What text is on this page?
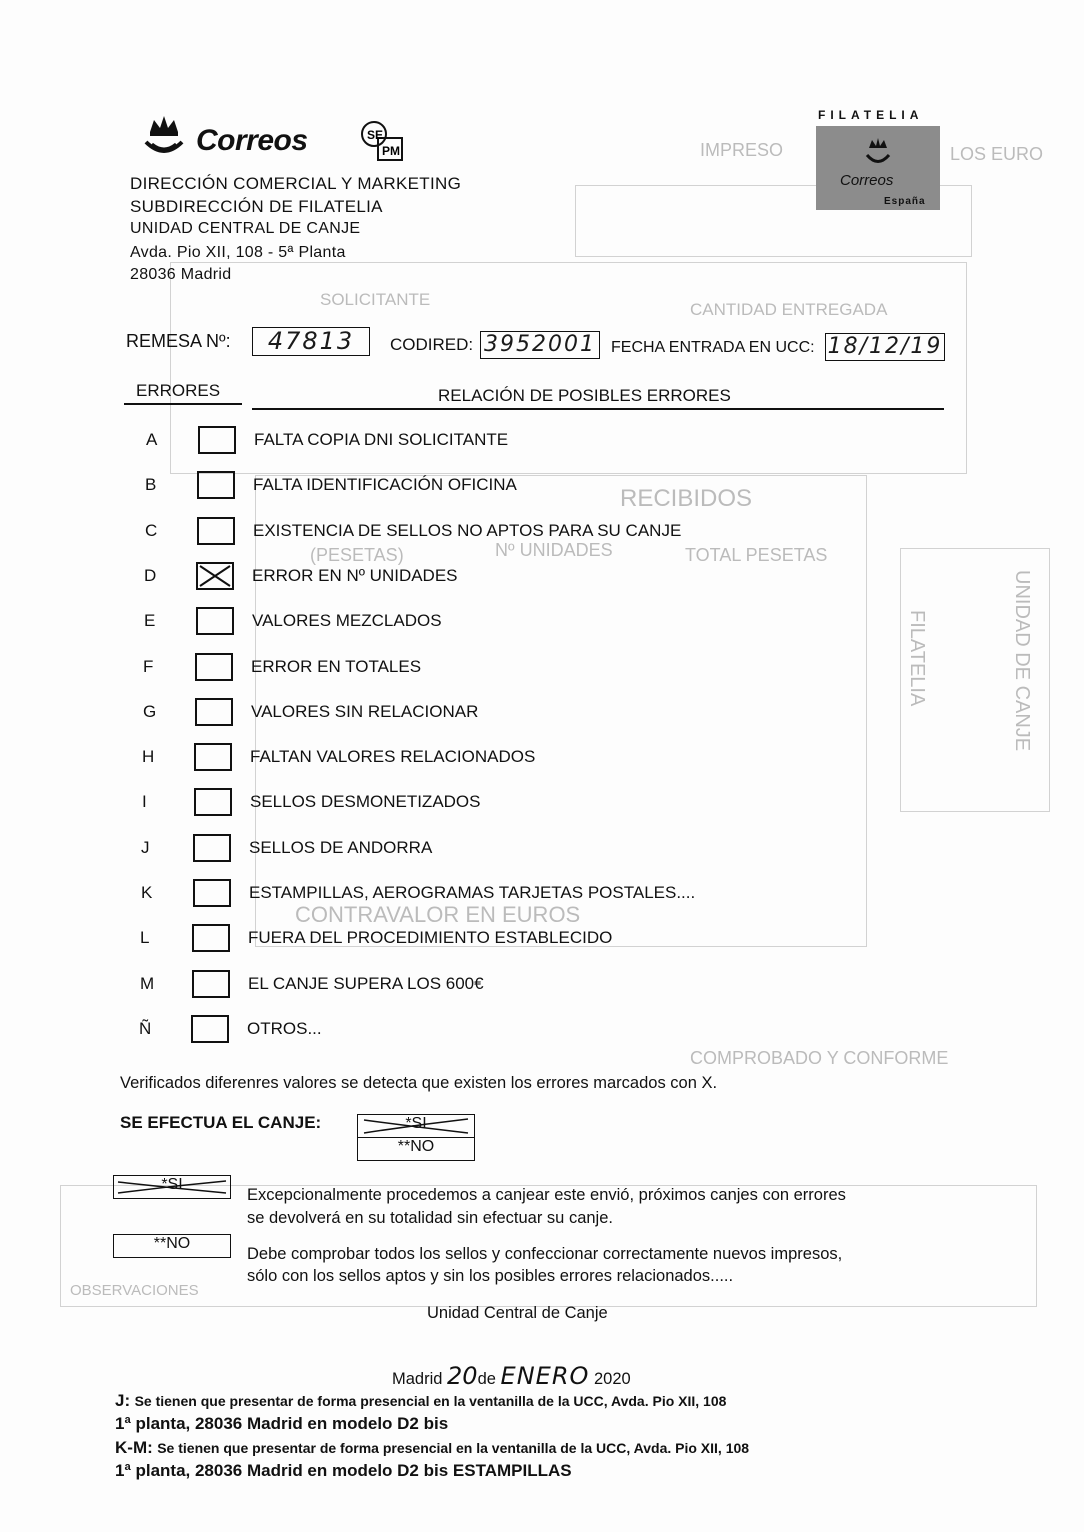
IMPRESO	LOS EURO
SOLICITANTE
CANTIDAD ENTREGADA
RECIBIDOS
(PESETAS)	Nº UNIDADES	TOTAL PESETAS
CONTRAVALOR EN EUROS
COMPROBADO Y CONFORME
OBSERVACIONES
FILATELIA	UNIDAD DE CANJE
Correos	SE
PM
DIRECCIÓN COMERCIAL Y MARKETING
SUBDIRECCIÓN DE FILATELIA
UNIDAD CENTRAL DE CANJE
Avda. Pio XII, 108 - 5ª Planta
28036 Madrid
FILATELIA
Correos
España
REMESA Nº:	47813	CODIRED: 3952001 FECHA ENTRADA EN UCC: 18/12/19
ERRORES	RELACIÓN DE POSIBLES ERRORES
A	FALTA COPIA DNI SOLICITANTE
B	FALTA IDENTIFICACIÓN OFICINA
C	EXISTENCIA DE SELLOS NO APTOS PARA SU CANJE
D	ERROR EN Nº UNIDADES
E	VALORES MEZCLADOS
F	ERROR EN TOTALES
G	VALORES SIN RELACIONAR
H	FALTAN VALORES RELACIONADOS
I	SELLOS DESMONETIZADOS
J	SELLOS DE ANDORRA
K	ESTAMPILLAS, AEROGRAMAS TARJETAS POSTALES....
L	FUERA DEL PROCEDIMIENTO ESTABLECIDO
M	EL CANJE SUPERA LOS 600€
Ñ	OTROS...
Verificados diferenres valores se detecta que existen los errores marcados con X.
SE EFECTUA EL CANJE:	*SI
**NO
*SI
Excepcionalmente procedemos a canjear este envió, próximos canjes con errores
se devolverá en su totalidad sin efectuar su canje.
**NO
Debe comprobar todos los sellos y confeccionar correctamente nuevos impresos,
sólo con los sellos aptos y sin los posibles errores relacionados.....
Unidad Central de Canje
Madrid 20de ENERO 2020
J: Se tienen que presentar de forma presencial en la ventanilla de la UCC, Avda. Pio XII, 108
1ª planta, 28036 Madrid en modelo D2 bis
K-M: Se tienen que presentar de forma presencial en la ventanilla de la UCC, Avda. Pio XII, 108
1ª planta, 28036 Madrid en modelo D2 bis ESTAMPILLAS
